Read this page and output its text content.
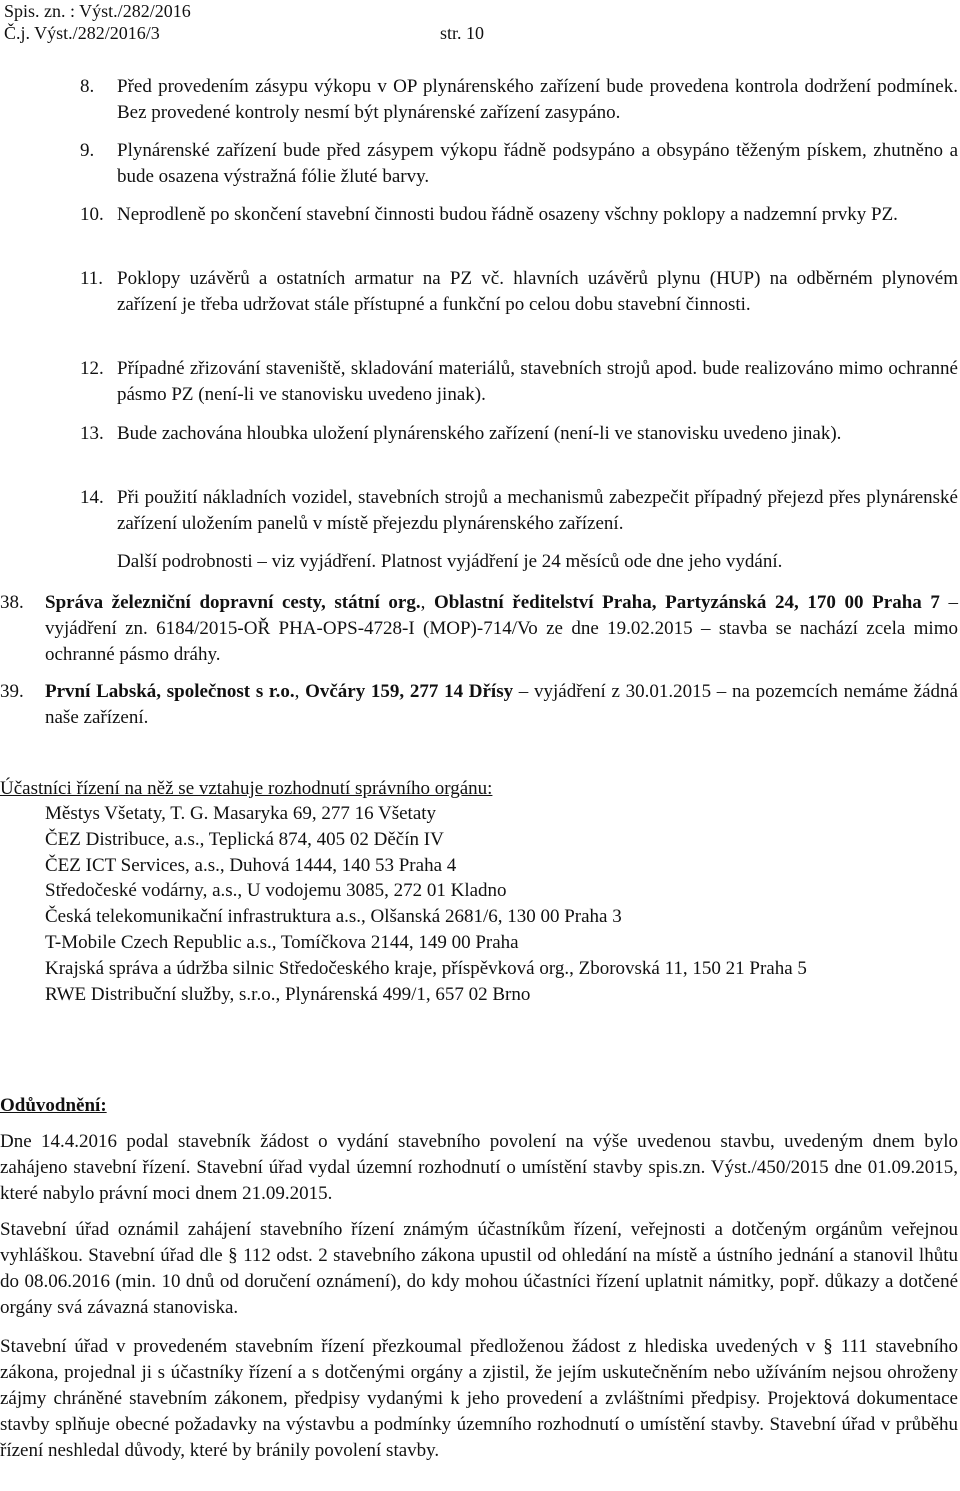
Spis. zn. : Výst./282/2016
Č.j. Výst./282/2016/3	str. 10
8. Před provedením zásypu výkopu v OP plynárenského zařízení bude provedena kontrola dodržení podmínek. Bez provedené kontroly nesmí být plynárenské zařízení zasypáno.
9. Plynárenské zařízení bude před zásypem výkopu řádně podsypáno a obsypáno těženým pískem, zhutněno a bude osazena výstražná fólie žluté barvy.
10. Neprodleně po skončení stavební činnosti budou řádně osazeny všchny poklopy a nadzemní prvky PZ.
11. Poklopy uzávěrů a ostatních armatur na PZ vč. hlavních uzávěrů plynu (HUP) na odběrném plynovém zařízení je třeba udržovat stále přístupné a funkční po celou dobu stavební činnosti.
12. Případné zřizování staveniště, skladování materiálů, stavebních strojů apod. bude realizováno mimo ochranné pásmo PZ (není-li ve stanovisku uvedeno jinak).
13. Bude zachována hloubka uložení plynárenského zařízení (není-li ve stanovisku uvedeno jinak).
14. Při použití nákladních vozidel, stavebních strojů a mechanismů zabezpečit případný přejezd přes plynárenské zařízení uložením panelů v místě přejezdu plynárenského zařízení.
Další podrobnosti – viz vyjádření. Platnost vyjádření je 24 měsíců ode dne jeho vydání.
38. Správa železniční dopravní cesty, státní org., Oblastní ředitelství Praha, Partyzánská 24, 170 00 Praha 7 – vyjádření zn. 6184/2015-OŘ PHA-OPS-4728-I (MOP)-714/Vo ze dne 19.02.2015 – stavba se nachází zcela mimo ochranné pásmo dráhy.
39. První Labská, společnost s r.o., Ovčáry 159, 277 14 Dřísy – vyjádření z 30.01.2015 – na pozemcích nemáme žádná naše zařízení.
Účastníci řízení na něž se vztahuje rozhodnutí správního orgánu:
Městys Všetaty, T. G. Masaryka 69, 277 16 Všetaty
ČEZ Distribuce, a.s., Teplická 874, 405 02 Děčín IV
ČEZ ICT Services, a.s., Duhová 1444, 140 53 Praha 4
Středočeské vodárny, a.s., U vodojemu 3085, 272 01 Kladno
Česká telekomunikační infrastruktura a.s., Olšanská 2681/6, 130 00 Praha 3
T-Mobile Czech Republic a.s., Tomíčkova 2144, 149 00 Praha
Krajská správa a údržba silnic Středočeského kraje, příspěvková org., Zborovská 11, 150 21 Praha 5
RWE Distribuční služby, s.r.o., Plynárenská 499/1, 657 02 Brno
Odůvodnění:
Dne 14.4.2016 podal stavebník žádost o vydání stavebního povolení na výše uvedenou stavbu, uvedeným dnem bylo zahájeno stavební řízení. Stavební úřad vydal územní rozhodnutí o umístění stavby spis.zn. Výst./450/2015 dne 01.09.2015, které nabylo právní moci dnem 21.09.2015.
Stavební úřad oznámil zahájení stavebního řízení známým účastníkům řízení, veřejnosti a dotčeným orgánům veřejnou vyhláškou. Stavební úřad dle § 112 odst. 2 stavebního zákona upustil od ohledání na místě a ústního jednání a stanovil lhůtu do 08.06.2016 (min. 10 dnů od doručení oznámení), do kdy mohou účastníci řízení uplatnit námitky, popř. důkazy a dotčené orgány svá závazná stanoviska.
Stavební úřad v provedeném stavebním řízení přezkoumal předloženou žádost z hlediska uvedených v § 111 stavebního zákona, projednal ji s účastníky řízení a s dotčenými orgány a zjistil, že jejím uskutečněním nebo užíváním nejsou ohroženy zájmy chráněné stavebním zákonem, předpisy vydanými k jeho provedení a zvláštními předpisy. Projektová dokumentace stavby splňuje obecné požadavky na výstavbu a podmínky územního rozhodnutí o umístění stavby. Stavební úřad v průběhu řízení neshledal důvody, které by bránily povolení stavby.
